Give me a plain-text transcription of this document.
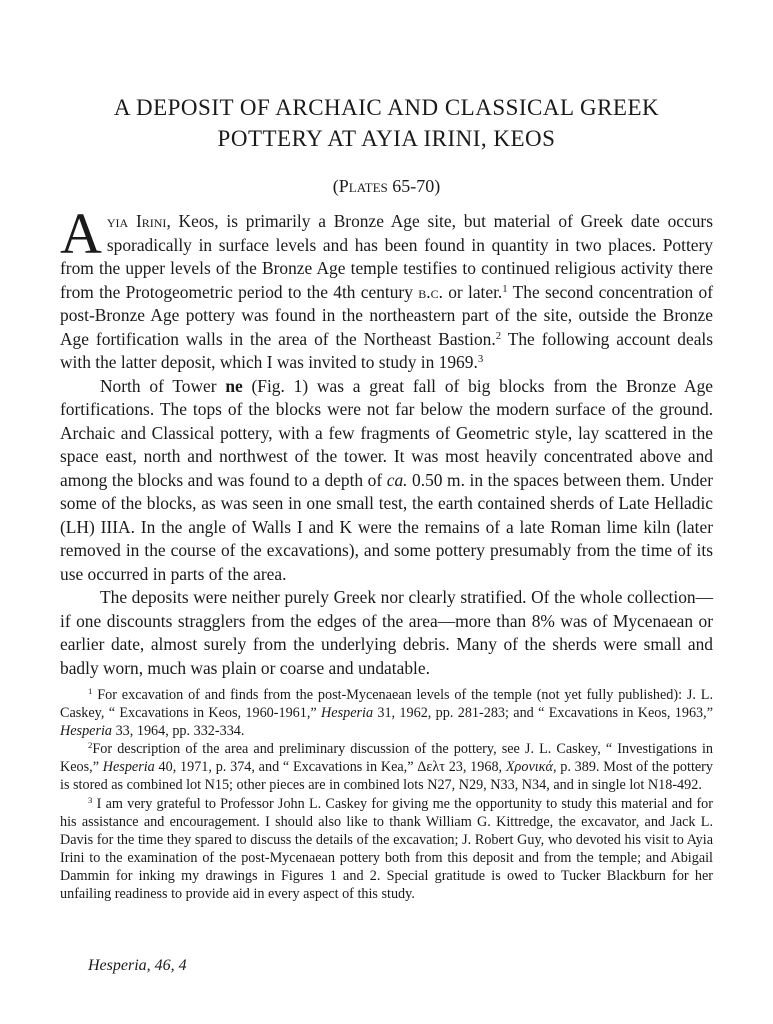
A DEPOSIT OF ARCHAIC AND CLASSICAL GREEK
POTTERY AT AYIA IRINI, KEOS
(Plates 65-70)

Ayia Irini, Keos, is primarily a Bronze Age site, but material of Greek date occurs sporadically in surface levels and has been found in quantity in two places. Pottery from the upper levels of the Bronze Age temple testifies to continued religious activity there from the Protogeometric period to the 4th century b.c. or later.$^1$ The second concentration of post-Bronze Age pottery was found in the northeastern part of the site, outside the Bronze Age fortification walls in the area of the Northeast Bastion.$^2$ The following account deals with the latter deposit, which I was invited to study in 1969.$^3$

North of Tower ne (Fig. 1) was a great fall of big blocks from the Bronze Age fortifications. The tops of the blocks were not far below the modern surface of the ground. Archaic and Classical pottery, with a few fragments of Geometric style, lay scattered in the space east, north and northwest of the tower. It was most heavily concentrated above and among the blocks and was found to a depth of ca. 0.50 m. in the spaces between them. Under some of the blocks, as was seen in one small test, the earth contained sherds of Late Helladic (LH) IIIA. In the angle of Walls I and K were the remains of a late Roman lime kiln (later removed in the course of the excavations), and some pottery presumably from the time of its use occurred in parts of the area.

The deposits were neither purely Greek nor clearly stratified. Of the whole collection—if one discounts stragglers from the edges of the area—more than 8% was of Mycenaean or earlier date, almost surely from the underlying debris. Many of the sherds were small and badly worn, much was plain or coarse and undatable.

$^1$ For excavation of and finds from the post-Mycenaean levels of the temple (not yet fully published): J. L. Caskey, “ Excavations in Keos, 1960-1961,” Hesperia 31, 1962, pp. 281-283; and “ Excavations in Keos, 1963,” Hesperia 33, 1964, pp. 332-334.

$^2$For description of the area and preliminary discussion of the pottery, see J. L. Caskey, “ Investigations in Keos,” Hesperia 40, 1971, p. 374, and “ Excavations in Kea,” Δελτ 23, 1968, Χρονικά, p. 389. Most of the pottery is stored as combined lot N15; other pieces are in combined lots N27, N29, N33, N34, and in single lot N18-492.

$^3$ I am very grateful to Professor John L. Caskey for giving me the opportunity to study this material and for his assistance and encouragement. I should also like to thank William G. Kittredge, the excavator, and Jack L. Davis for the time they spared to discuss the details of the excavation; J. Robert Guy, who devoted his visit to Ayia Irini to the examination of the post-Mycenaean pottery both from this deposit and from the temple; and Abigail Dammin for inking my drawings in Figures 1 and 2. Special gratitude is owed to Tucker Blackburn for her unfailing readiness to provide aid in every aspect of this study.

Hesperia, 46, 4
